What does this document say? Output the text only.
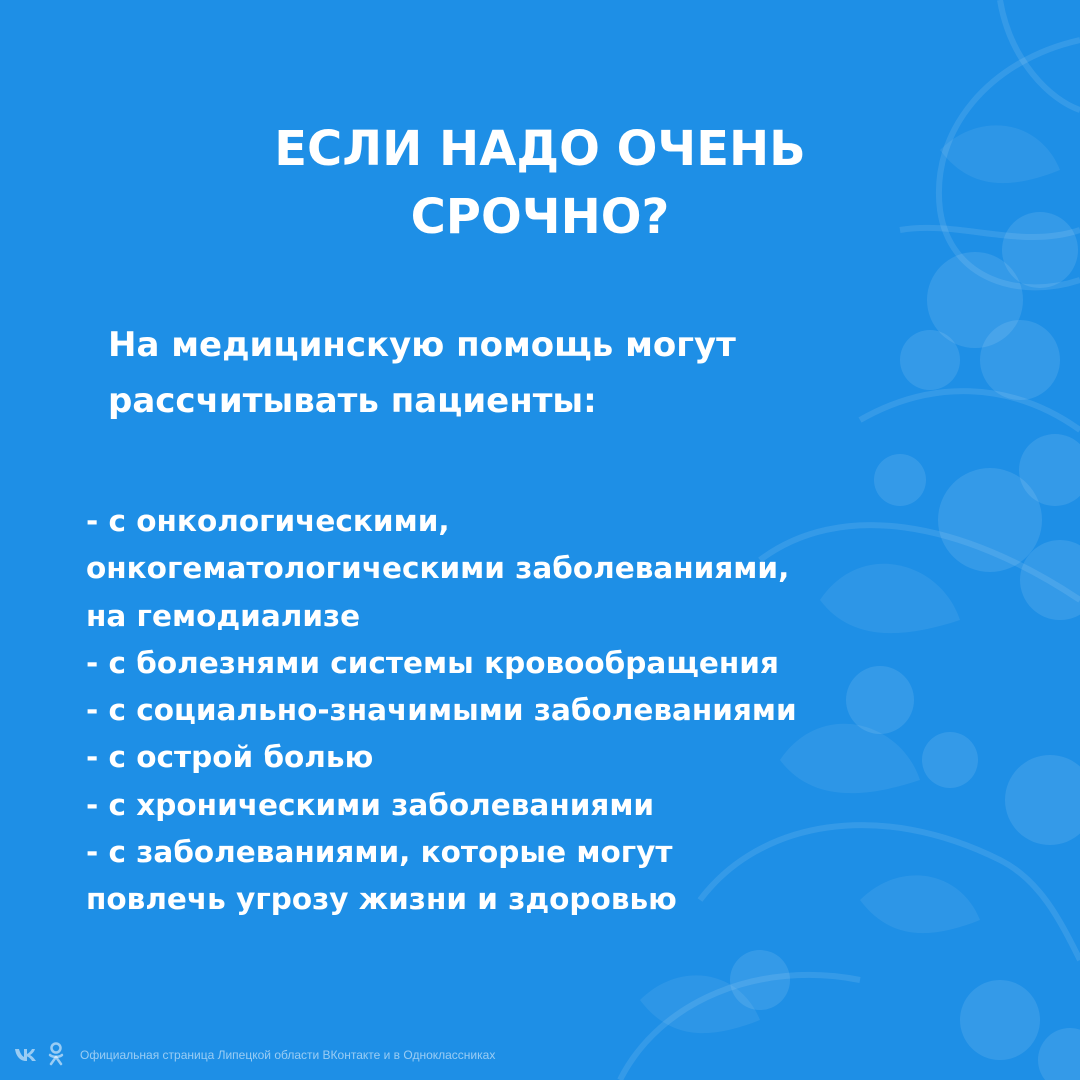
ЕСЛИ НАДО ОЧЕНЬ
СРОЧНО?
На медицинскую помощь могут
рассчитывать пациенты:
- с онкологическими,
онкогематологическими заболеваниями,
на гемодиализе
- с болезнями системы кровообращения
- с социально-значимыми заболеваниями
- с острой болью
- с хроническими заболеваниями
- с заболеваниями, которые могут
повлечь угрозу жизни и здоровью
Официальная страница Липецкой области ВКонтакте и в Одноклассниках
